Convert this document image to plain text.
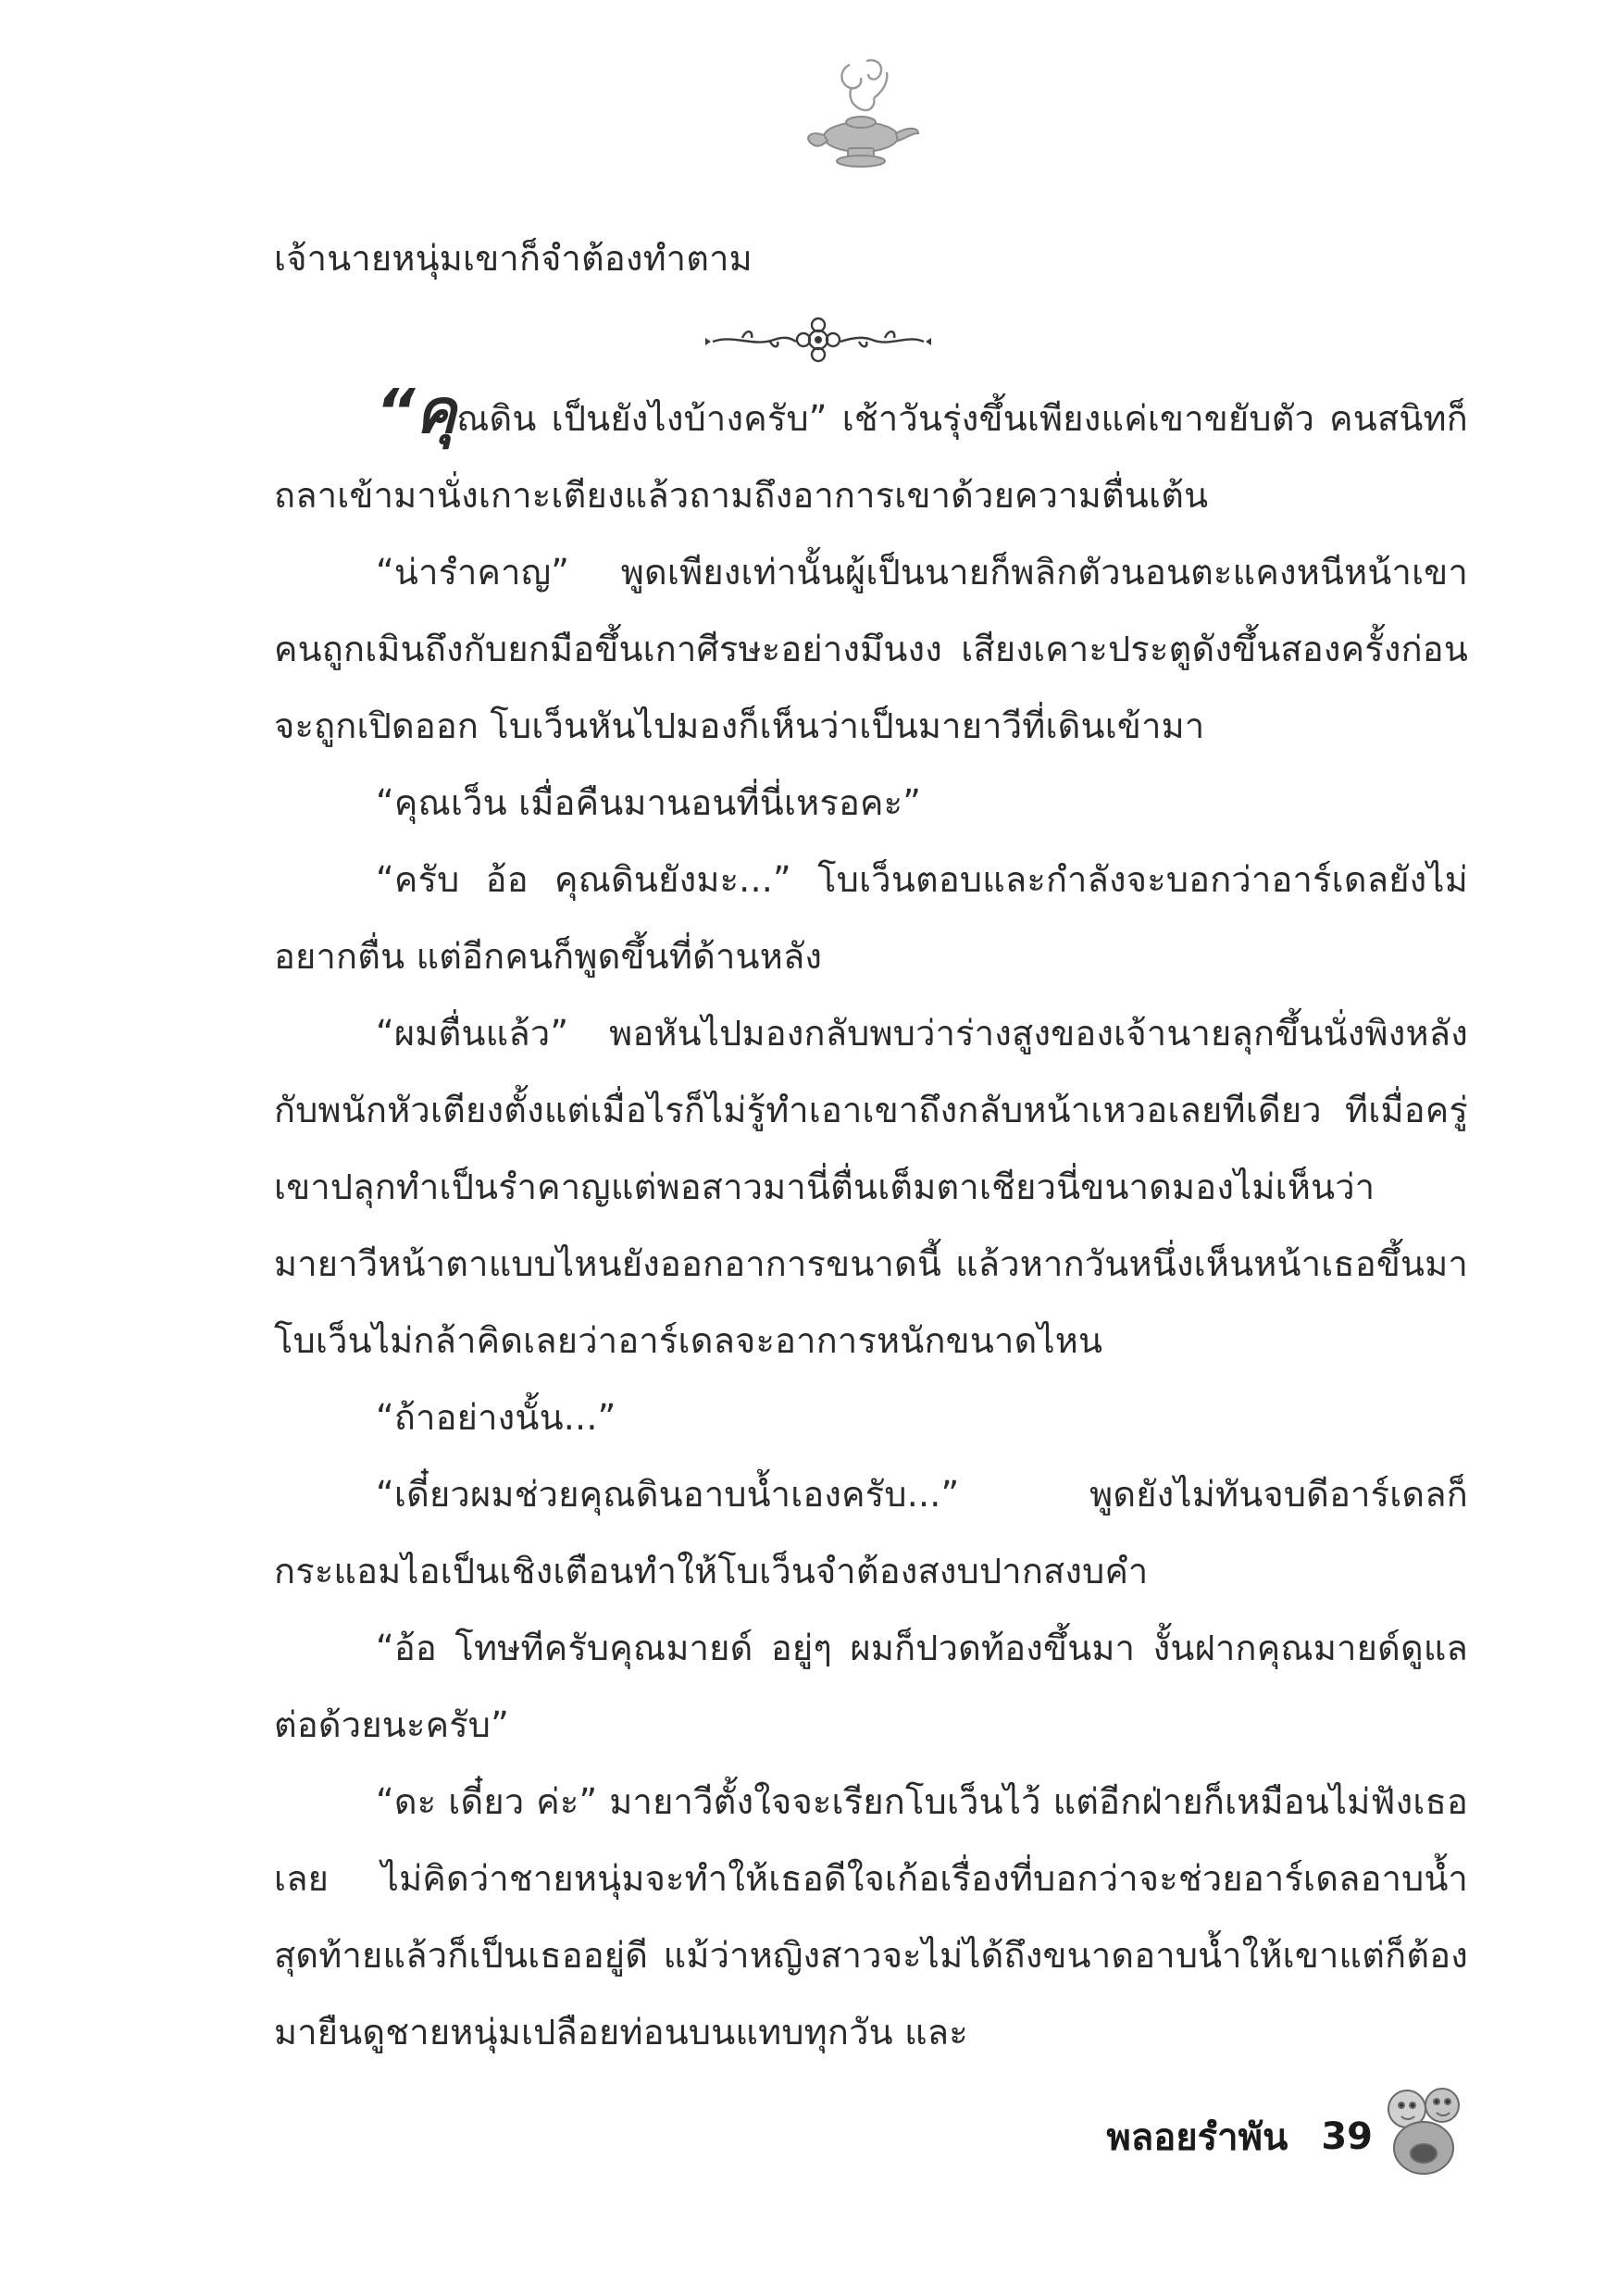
เจ้านายหนุ่มเขาก็จำต้องทำตาม

“คุณดิน เป็นยังไงบ้างครับ” เช้าวันรุ่งขึ้นเพียงแค่เขาขยับตัว คนสนิทก็ถลาเข้ามานั่งเกาะเตียงแล้วถามถึงอาการเขาด้วยความตื่นเต้น

“น่ารำคาญ” พูดเพียงเท่านั้นผู้เป็นนายก็พลิกตัวนอนตะแคงหนีหน้าเขา คนถูกเมินถึงกับยกมือขึ้นเกาศีรษะอย่างมึนงง เสียงเคาะประตูดังขึ้นสองครั้งก่อนจะถูกเปิดออก โบเว็นหันไปมองก็เห็นว่าเป็นมายาวีที่เดินเข้ามา

“คุณเว็น เมื่อคืนมานอนที่นี่เหรอคะ”

“ครับ อ้อ คุณดินยังมะ...” โบเว็นตอบและกำลังจะบอกว่าอาร์เดลยังไม่อยากตื่น แต่อีกคนก็พูดขึ้นที่ด้านหลัง

“ผมตื่นแล้ว” พอหันไปมองกลับพบว่าร่างสูงของเจ้านายลุกขึ้นนั่งพิงหลังกับพนักหัวเตียงตั้งแต่เมื่อไรก็ไม่รู้ทำเอาเขาถึงกลับหน้าเหวอเลยทีเดียว ทีเมื่อครู่เขาปลุกทำเป็นรำคาญแต่พอสาวมานี่ตื่นเต็มตาเชียวนี่ขนาดมองไม่เห็นว่ามายาวีหน้าตาแบบไหนยังออกอาการขนาดนี้ แล้วหากวันหนึ่งเห็นหน้าเธอขึ้นมาโบเว็นไม่กล้าคิดเลยว่าอาร์เดลจะอาการหนักขนาดไหน

“ถ้าอย่างนั้น...”

“เดี๋ยวผมช่วยคุณดินอาบน้ำเองครับ...” พูดยังไม่ทันจบดีอาร์เดลก็กระแอมไอเป็นเชิงเตือนทำให้โบเว็นจำต้องสงบปากสงบคำ

“อ้อ โทษทีครับคุณมายด์ อยู่ๆ ผมก็ปวดท้องขึ้นมา งั้นฝากคุณมายด์ดูแลต่อด้วยนะครับ”

“ดะ เดี๋ยว ค่ะ” มายาวีตั้งใจจะเรียกโบเว็นไว้ แต่อีกฝ่ายก็เหมือนไม่ฟังเธอเลย ไม่คิดว่าชายหนุ่มจะทำให้เธอดีใจเก้อเรื่องที่บอกว่าจะช่วยอาร์เดลอาบน้ำสุดท้ายแล้วก็เป็นเธออยู่ดี แม้ว่าหญิงสาวจะไม่ได้ถึงขนาดอาบน้ำให้เขาแต่ก็ต้องมายืนดูชายหนุ่มเปลือยท่อนบนแทบทุกวัน และ

พลอยรำพัน 39
